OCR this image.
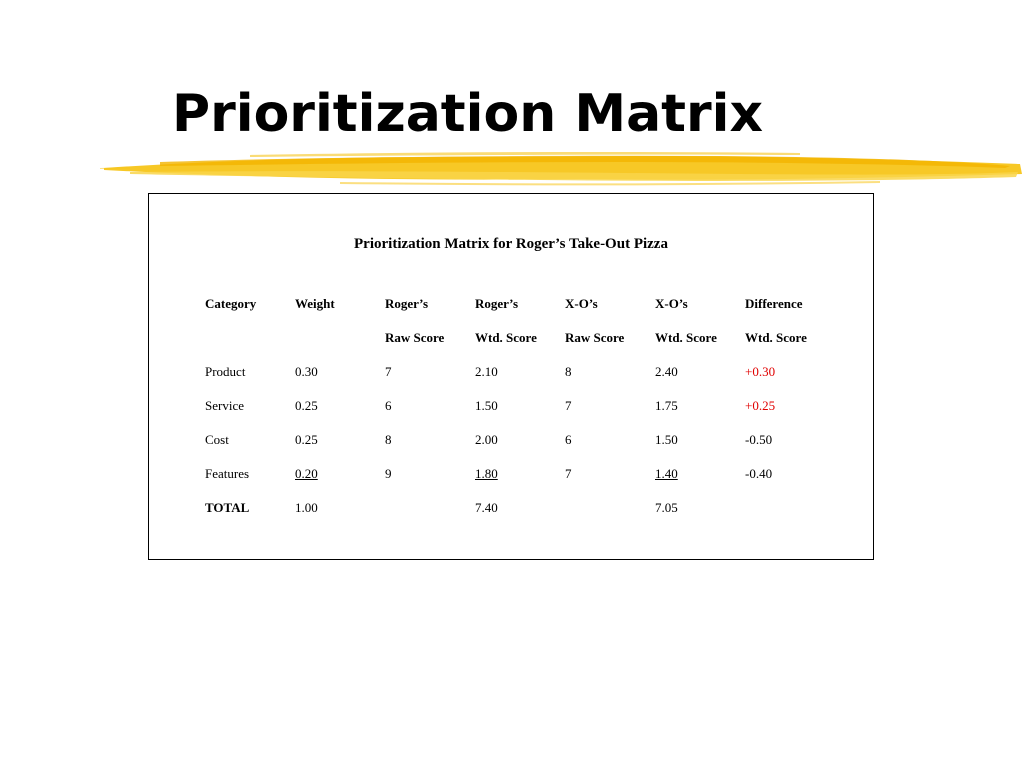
Prioritization Matrix
Prioritization Matrix for Roger’s Take-Out Pizza
Category	Weight	Roger’s	Roger’s	X-O’s	X-O’s	Difference
		Raw Score	Wtd. Score	Raw Score	Wtd. Score	Wtd. Score
Product	0.30	7	2.10	8	2.40	+0.30
Service	0.25	6	1.50	7	1.75	+0.25
Cost	0.25	8	2.00	6	1.50	-0.50
Features	0.20	9	1.80	7	1.40	-0.40
TOTAL	1.00		7.40		7.05	
